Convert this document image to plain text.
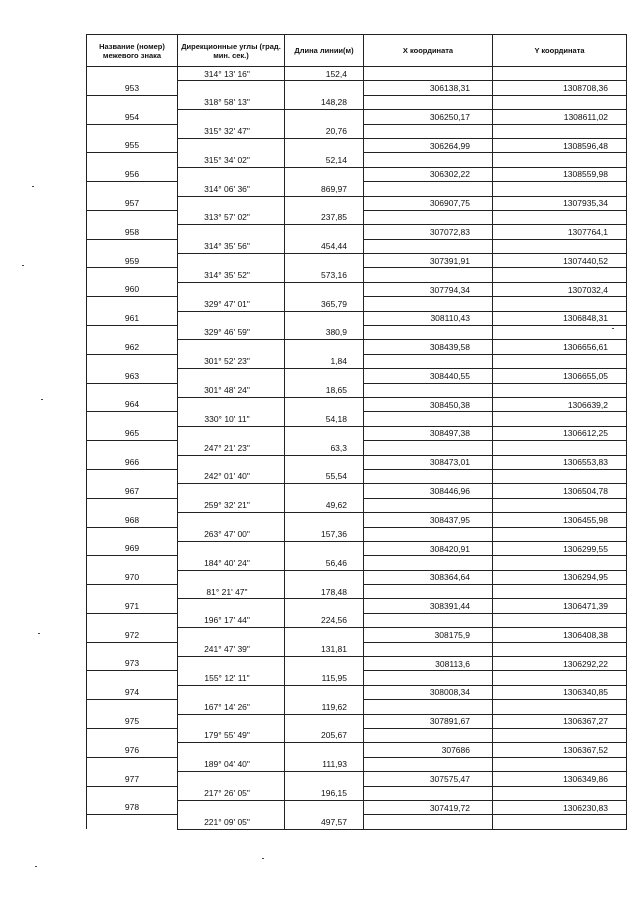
Название (номер) межевого знака	Дирекционные углы (град. мин. сек.)	Длина линии(м)	X координата	Y координата
	314° 13' 16"	152,4		
953			306138,31	1308708,36
	318° 58' 13"	148,28		
954			306250,17	1308611,02
	315° 32' 47"	20,76		
955			306264,99	1308596,48
	315° 34' 02"	52,14		
956			306302,22	1308559,98
	314° 06' 36"	869,97		
957			306907,75	1307935,34
	313° 57' 02"	237,85		
958			307072,83	1307764,1
	314° 35' 56"	454,44		
959			307391,91	1307440,52
	314° 35' 52"	573,16		
960			307794,34	1307032,4
	329° 47' 01"	365,79		
961			308110,43	1306848,31
	329° 46' 59"	380,9		
962			308439,58	1306656,61
	301° 52' 23"	1,84		
963			308440,55	1306655,05
	301° 48' 24"	18,65		
964			308450,38	1306639,2
	330° 10' 11"	54,18		
965			308497,38	1306612,25
	247° 21' 23"	63,3		
966			308473,01	1306553,83
	242° 01' 40"	55,54		
967			308446,96	1306504,78
	259° 32' 21"	49,62		
968			308437,95	1306455,98
	263° 47' 00"	157,36		
969			308420,91	1306299,55
	184° 40' 24"	56,46		
970			308364,64	1306294,95
	81° 21' 47"	178,48		
971			308391,44	1306471,39
	196° 17' 44"	224,56		
972			308175,9	1306408,38
	241° 47' 39"	131,81		
973			308113,6	1306292,22
	155° 12' 11"	115,95		
974			308008,34	1306340,85
	167° 14' 26"	119,62		
975			307891,67	1306367,27
	179° 55' 49"	205,67		
976			307686	1306367,52
	189° 04' 40"	111,93		
977			307575,47	1306349,86
	217° 26' 05"	196,15		
978			307419,72	1306230,83
	221° 09' 05"	497,57		
